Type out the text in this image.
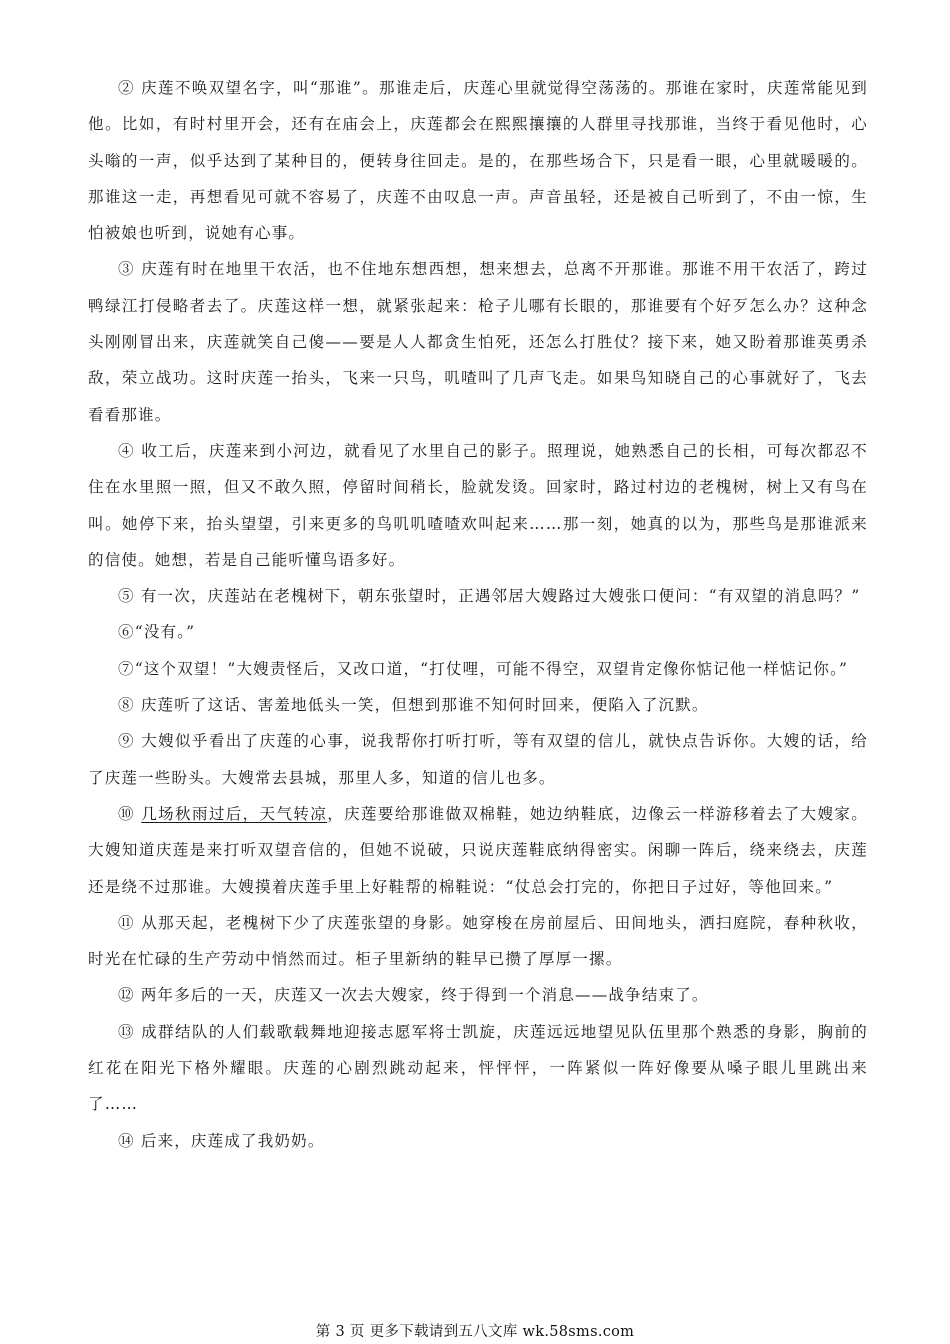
② 庆莲不唤双望名字，叫“那谁”。那谁走后，庆莲心里就觉得空荡荡的。那谁在家时，庆莲常能见到他。比如，有时村里开会，还有在庙会上，庆莲都会在熙熙攘攘的人群里寻找那谁，当终于看见他时，心头嗡的一声，似乎达到了某种目的，便转身往回走。是的，在那些场合下，只是看一眼，心里就暖暖的。那谁这一走，再想看见可就不容易了，庆莲不由叹息一声。声音虽轻，还是被自己听到了，不由一惊，生怕被娘也听到，说她有心事。

③ 庆莲有时在地里干农活，也不住地东想西想，想来想去，总离不开那谁。那谁不用干农活了，跨过鸭绿江打侵略者去了。庆莲这样一想，就紧张起来：枪子儿哪有长眼的，那谁要有个好歹怎么办？这种念头刚刚冒出来，庆莲就笑自己傻——要是人人都贪生怕死，还怎么打胜仗？接下来，她又盼着那谁英勇杀敌，荣立战功。这时庆莲一抬头，飞来一只鸟，叽喳叫了几声飞走。如果鸟知晓自己的心事就好了，飞去看看那谁。

④ 收工后，庆莲来到小河边，就看见了水里自己的影子。照理说，她熟悉自己的长相，可每次都忍不住在水里照一照，但又不敢久照，停留时间稍长，脸就发烫。回家时，路过村边的老槐树，树上又有鸟在叫。她停下来，抬头望望，引来更多的鸟叽叽喳喳欢叫起来……那一刻，她真的以为，那些鸟是那谁派来的信使。她想，若是自己能听懂鸟语多好。

⑤ 有一次，庆莲站在老槐树下，朝东张望时，正遇邻居大嫂路过大嫂张口便问：“有双望的消息吗？”

⑥“没有。”

⑦“这个双望！”大嫂责怪后，又改口道，“打仗哩，可能不得空，双望肯定像你惦记他一样惦记你。”

⑧ 庆莲听了这话、害羞地低头一笑，但想到那谁不知何时回来，便陷入了沉默。

⑨ 大嫂似乎看出了庆莲的心事，说我帮你打听打听，等有双望的信儿，就快点告诉你。大嫂的话，给了庆莲一些盼头。大嫂常去县城，那里人多，知道的信儿也多。

⑩ 几场秋雨过后，天气转凉，庆莲要给那谁做双棉鞋，她边纳鞋底，边像云一样游移着去了大嫂家。大嫂知道庆莲是来打听双望音信的，但她不说破，只说庆莲鞋底纳得密实。闲聊一阵后，绕来绕去，庆莲还是绕不过那谁。大嫂摸着庆莲手里上好鞋帮的棉鞋说：“仗总会打完的，你把日子过好，等他回来。”

⑪ 从那天起，老槐树下少了庆莲张望的身影。她穿梭在房前屋后、田间地头，洒扫庭院，春种秋收，时光在忙碌的生产劳动中悄然而过。柜子里新纳的鞋早已攒了厚厚一摞。

⑫ 两年多后的一天，庆莲又一次去大嫂家，终于得到一个消息——战争结束了。

⑬ 成群结队的人们载歌载舞地迎接志愿军将士凯旋，庆莲远远地望见队伍里那个熟悉的身影，胸前的红花在阳光下格外耀眼。庆莲的心剧烈跳动起来，怦怦怦，一阵紧似一阵好像要从嗓子眼儿里跳出来了……

⑭ 后来，庆莲成了我奶奶。

第 3 页 更多下载请到五八文库 wk.58sms.com
